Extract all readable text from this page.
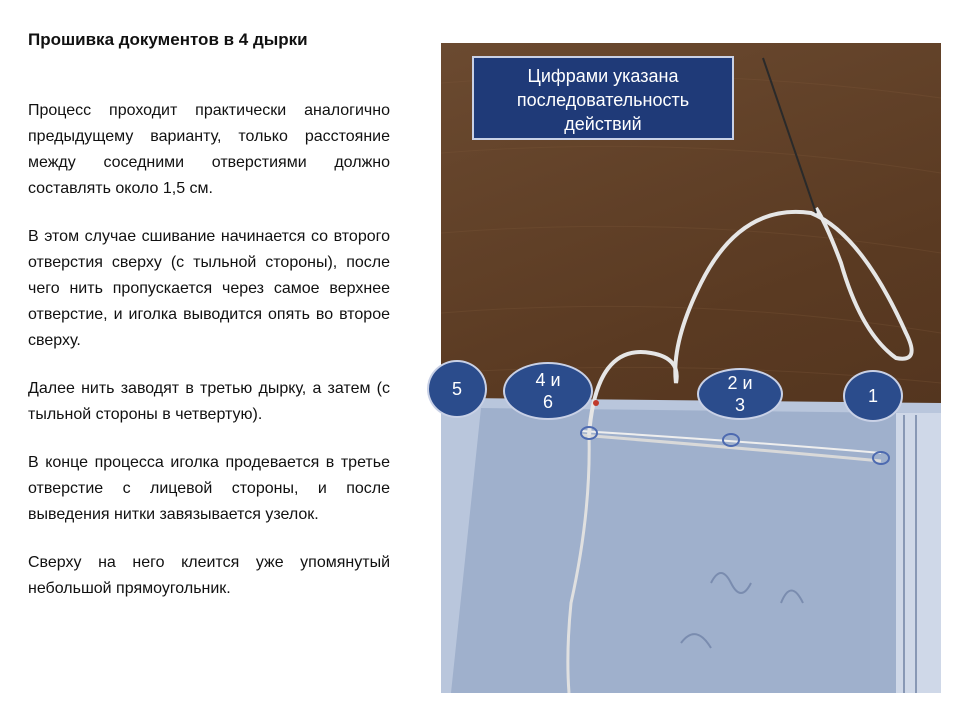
Прошивка документов в 4 дырки

Процесс проходит практически аналогично предыдущему варианту, только расстояние между соседними отверстиями должно составлять около 1,5 см.

В этом случае сшивание начинается со второго отверстия сверху (с тыльной стороны), после чего нить пропускается через самое верхнее отверстие, и иголка выводится опять во второе сверху.

Далее нить заводят в третью дырку, а затем (с тыльной стороны в четвертую).

В конце процесса иголка продевается в третье отверстие с лицевой стороны, и после выведения нитки завязывается узелок.

Сверху на него клеится уже упомянутый небольшой прямоугольник.

Цифрами указана последовательность действий
5	4 и 6
2 и 3	1
